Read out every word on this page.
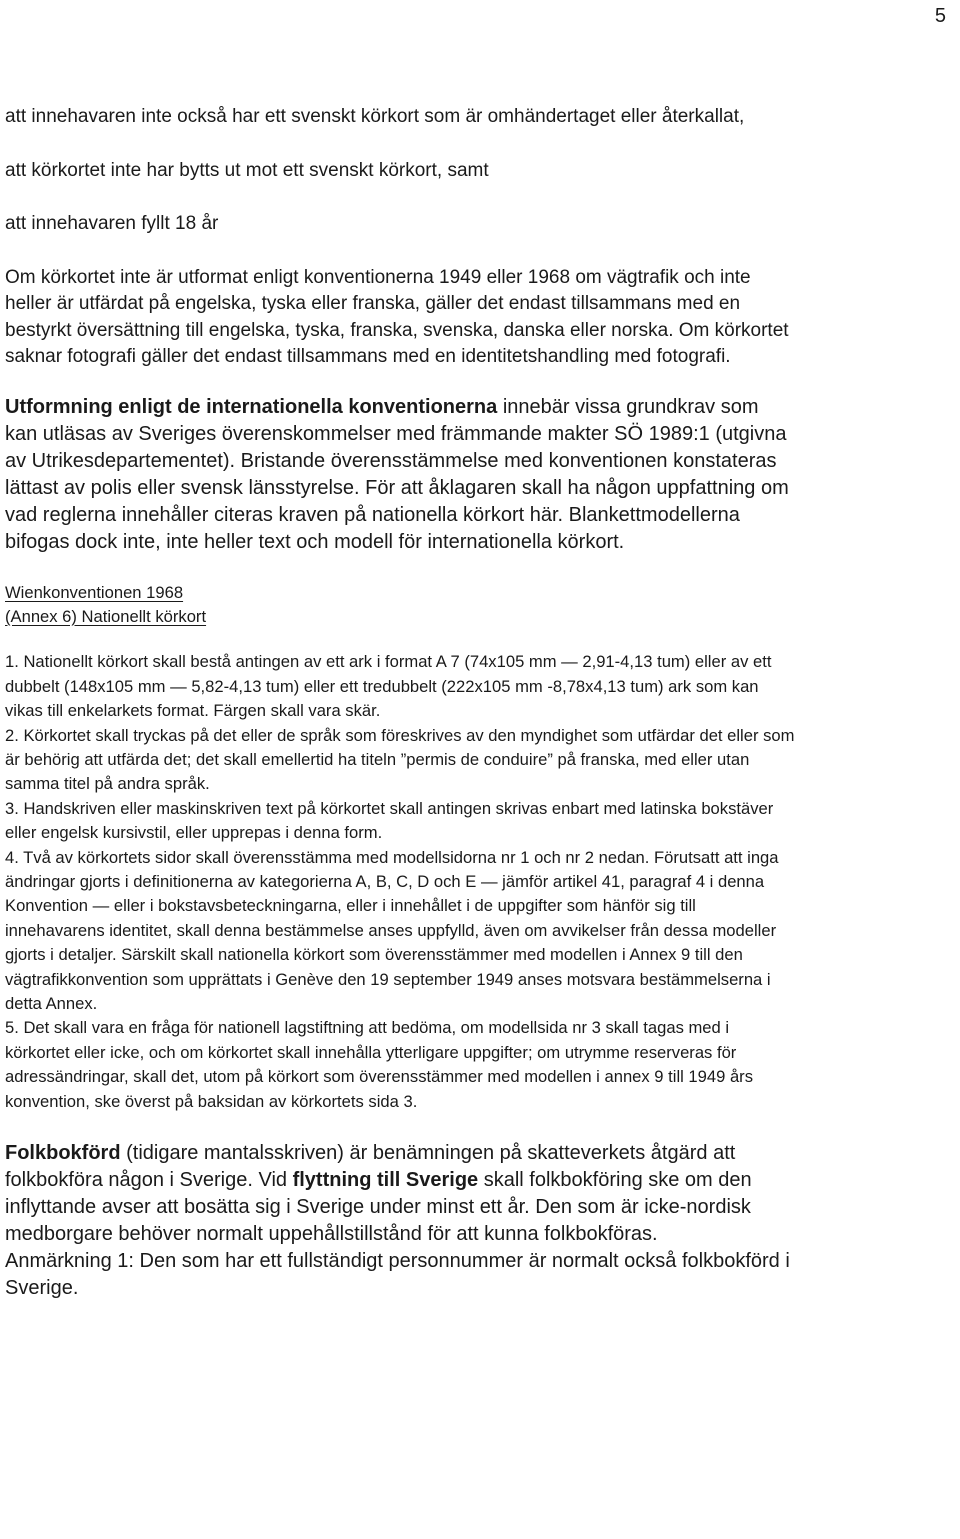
5

att innehavaren inte också har ett svenskt körkort som är omhändertaget eller återkallat,

att körkortet inte har bytts ut mot ett svenskt körkort, samt

att innehavaren fyllt 18 år

Om körkortet inte är utformat enligt konventionerna 1949 eller 1968 om vägtrafik och inte heller är utfärdat på engelska, tyska eller franska, gäller det endast tillsammans med en bestyrkt översättning till engelska, tyska, franska, svenska, danska eller norska. Om körkortet saknar fotografi gäller det endast tillsammans med en identitetshandling med fotografi.

Utformning enligt de internationella konventionerna innebär vissa grundkrav som kan utläsas av Sveriges överenskommelser med främmande makter SÖ 1989:1 (utgivna av Utrikesdepartementet). Bristande överensstämmelse med konventionen konstateras lättast av polis eller svensk länsstyrelse. För att åklagaren skall ha någon uppfattning om vad reglerna innehåller citeras kraven på nationella körkort här. Blankettmodellerna bifogas dock inte, inte heller text och modell för internationella körkort.

Wienkonventionen 1968

(Annex 6) Nationellt körkort

1. Nationellt körkort skall bestå antingen av ett ark i format A 7 (74x105 mm — 2,91-4,13 tum) eller av ett dubbelt (148x105 mm — 5,82-4,13 tum) eller ett tredubbelt (222x105 mm -8,78x4,13 tum) ark som kan vikas till enkelarkets format. Färgen skall vara skär.

2. Körkortet skall tryckas på det eller de språk som föreskrives av den myndighet som utfärdar det eller som är behörig att utfärda det; det skall emellertid ha titeln ”permis de conduire” på franska, med eller utan samma titel på andra språk.

3. Handskriven eller maskinskriven text på körkortet skall antingen skrivas enbart med latinska bokstäver eller engelsk kursivstil, eller upprepas i denna form.

4. Två av körkortets sidor skall överensstämma med modellsidorna nr 1 och nr 2 nedan. Förutsatt att inga ändringar gjorts i definitionerna av kategorierna A, B, C, D och E — jämför artikel 41, paragraf 4 i denna Konvention — eller i bokstavsbeteckningarna, eller i innehållet i de uppgifter som hänför sig till innehavarens identitet, skall denna bestämmelse anses uppfylld, även om avvikelser från dessa modeller gjorts i detaljer. Särskilt skall nationella körkort som överensstämmer med modellen i Annex 9 till den vägtrafikkonvention som upprättats i Genève den 19 september 1949 anses motsvara bestämmelserna i detta Annex.

5. Det skall vara en fråga för nationell lagstiftning att bedöma, om modellsida nr 3 skall tagas med i körkortet eller icke, och om körkortet skall innehålla ytterligare uppgifter; om utrymme reserveras för adressändringar, skall det, utom på körkort som överensstämmer med modellen i annex 9 till 1949 års konvention, ske överst på baksidan av körkortets sida 3.

Folkbokförd (tidigare mantalsskriven) är benämningen på skatteverkets åtgärd att folkbokföra någon i Sverige. Vid flyttning till Sverige skall folkbokföring ske om den inflyttande avser att bosätta sig i Sverige under minst ett år. Den som är icke-nordisk medborgare behöver normalt uppehållstillstånd för att kunna folkbokföras.

Anmärkning 1: Den som har ett fullständigt personnummer är normalt också folkbokförd i Sverige.
